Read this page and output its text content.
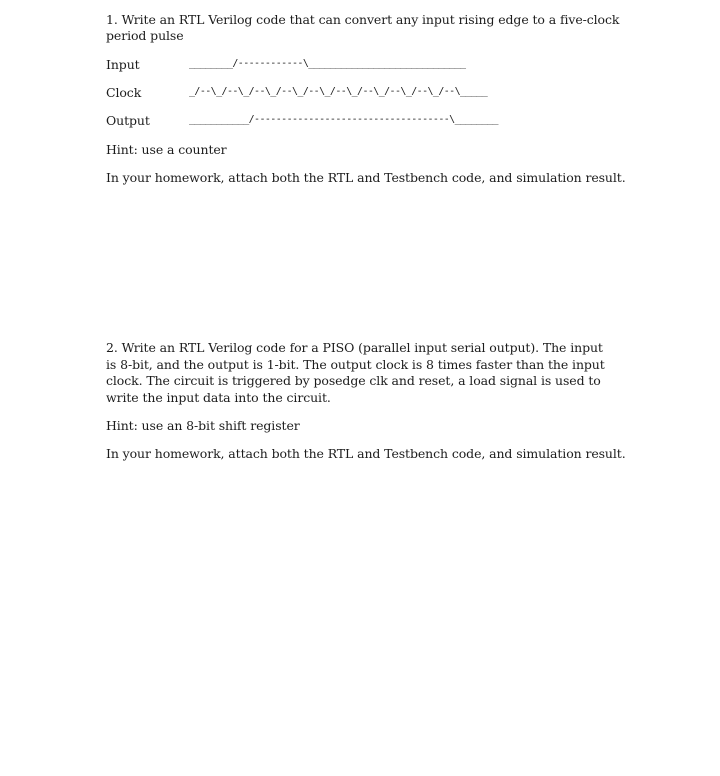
1. Write an RTL Verilog code that can convert any input rising edge to a five-clock
period pulse
Input	________/------------\_____________________________
Clock	_/--\_/--\_/--\_/--\_/--\_/--\_/--\_/--\_/--\_/--\_____
Output	___________/------------------------------------\________
Hint: use a counter
In your homework, attach both the RTL and Testbench code, and simulation result.
2. Write an RTL Verilog code for a PISO (parallel input serial output). The input is 8-bit, and the output is 1-bit. The output clock is 8 times faster than the input clock. The circuit is triggered by posedge clk and reset, a load signal is used to write the input data into the circuit.
Hint: use an 8-bit shift register
In your homework, attach both the RTL and Testbench code, and simulation result.
